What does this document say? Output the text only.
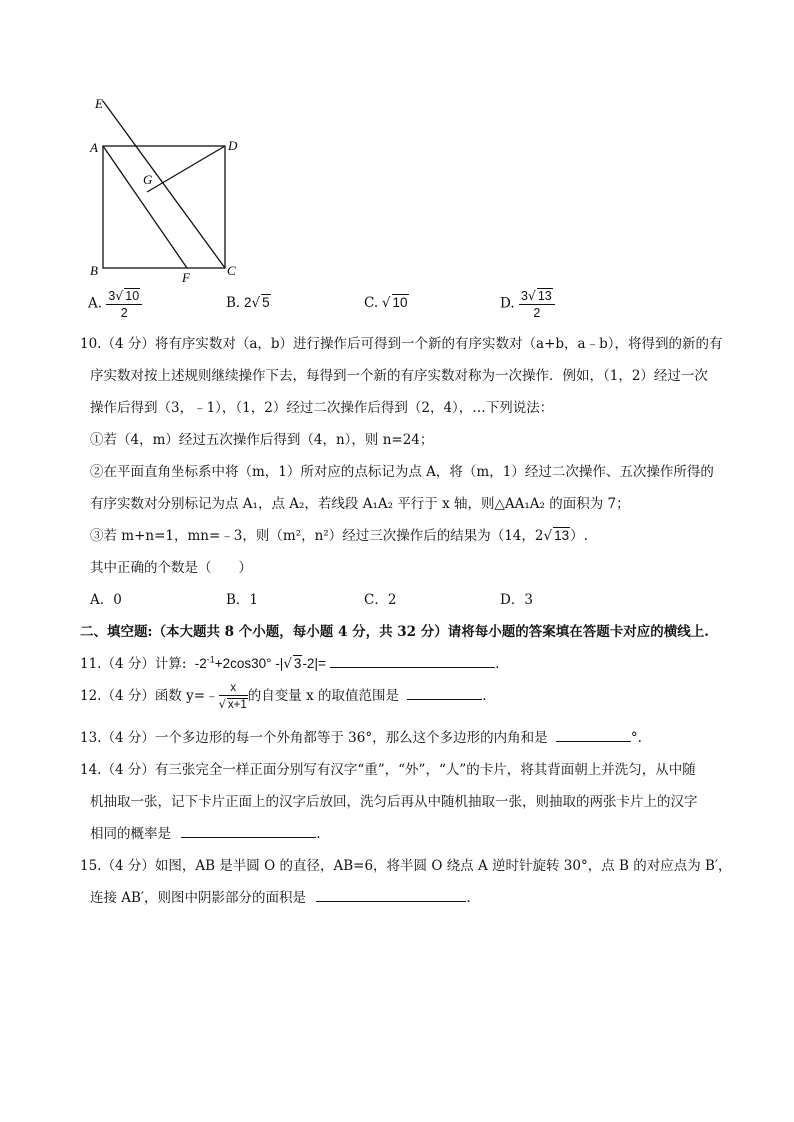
E
A	D
G
B	F	C
A. $\frac{3√ 10}{2}$	B. 2√ 5	C. √ 10	D. $\frac{3√ 13}{2}$
10.（4 分）将有序实数对（a，b）进行操作后可得到一个新的有序实数对（a+b，a﹣b），将得到的新的有
序实数对按上述规则继续操作下去，每得到一个新的有序实数对称为一次操作．例如，（1，2）经过一次
操作后得到（3，﹣1），（1，2）经过二次操作后得到（2，4），…下列说法：
①若（4，m）经过五次操作后得到（4，n），则 n=24；
②在平面直角坐标系中将（m，1）所对应的点标记为点 A，将（m，1）经过二次操作、五次操作所得的
有序实数对分别标记为点 A₁，点 A₂，若线段 A₁A₂ 平行于 x 轴，则△AA₁A₂ 的面积为 7；
③若 m+n=1，mn=﹣3，则（m²，n²）经过三次操作后的结果为（14，2√ 13）.
其中正确的个数是（　　）
A．0	B．1	C．2	D．3
二、填空题:（本大题共 8 个小题，每小题 4 分，共 32 分）请将每小题的答案填在答题卡对应的横线上.
11.（4 分）计算: $-2^{-1}+2\cos 30^\circ$ -|√ 3-2|=	.
12.（4 分）函数 y=﹣ $\frac{x}{√ x+1}$ 的自变量 x 的取值范围是	.
13.（4 分）一个多边形的每一个外角都等于 36°，那么这个多边形的内角和是	°.
14.（4 分）有三张完全一样正面分别写有汉字“重”，“外”，“人”的卡片，将其背面朝上并洗匀，从中随
机抽取一张，记下卡片正面上的汉字后放回，洗匀后再从中随机抽取一张，则抽取的两张卡片上的汉字
相同的概率是	.
15.（4 分）如图，AB 是半圆 O 的直径，AB=6，将半圆 O 绕点 A 逆时针旋转 30°，点 B 的对应点为 B′，
连接 AB′，则图中阴影部分的面积是	.
